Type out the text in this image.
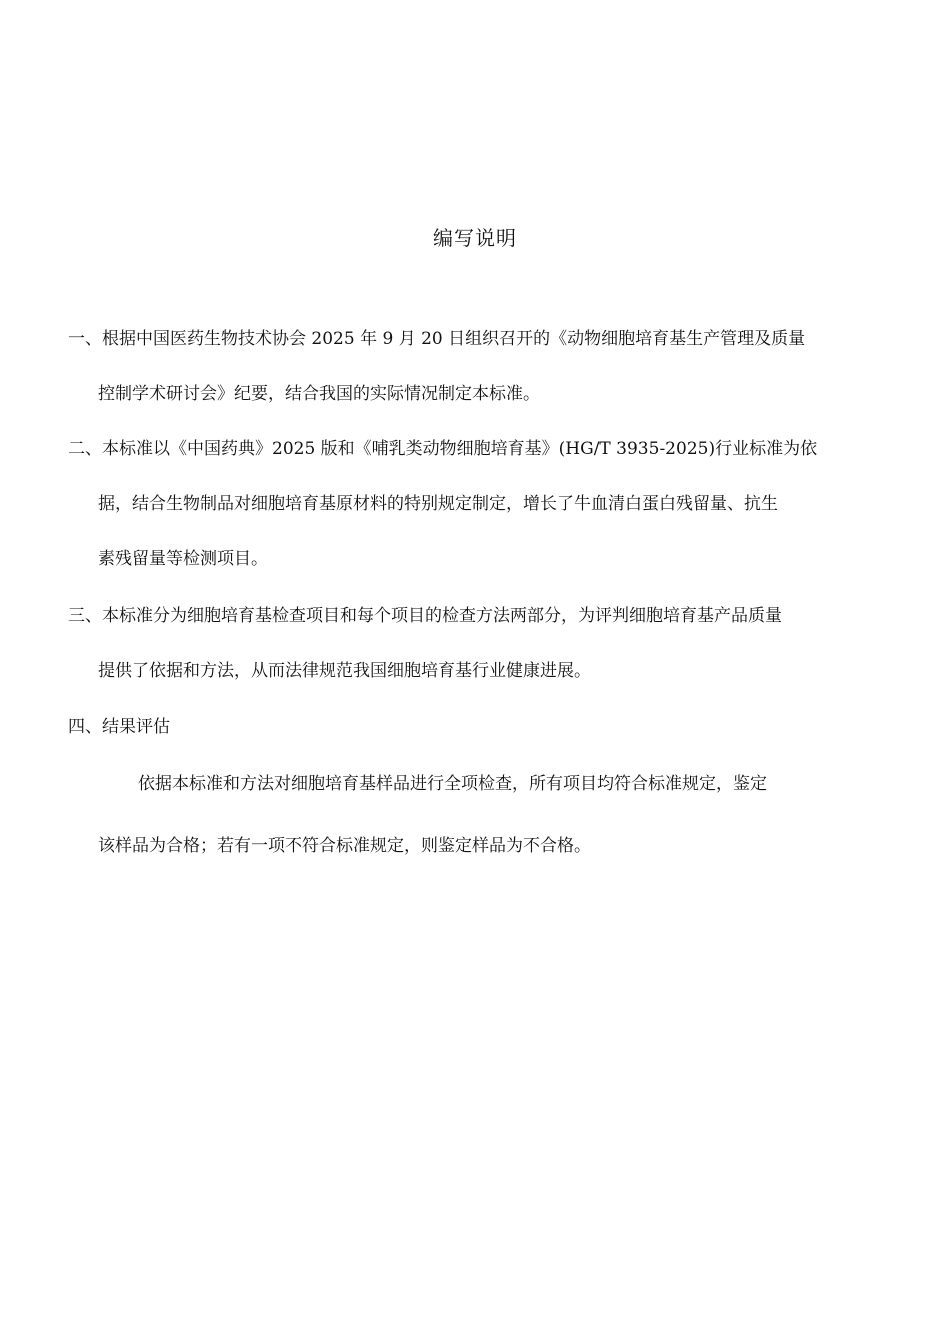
编写说明
一、根据中国医药生物技术协会 2025 年 9 月 20 日组织召开的《动物细胞培育基生产管理及质量
控制学术研讨会》纪要，结合我国的实际情况制定本标准。
二、本标准以《中国药典》2025 版和《哺乳类动物细胞培育基》(HG/T 3935-2025)行业标准为依
据，结合生物制品对细胞培育基原材料的特别规定制定，增长了牛血清白蛋白残留量、抗生
素残留量等检测项目。
三、本标准分为细胞培育基检查项目和每个项目的检查方法两部分，为评判细胞培育基产品质量
提供了依据和方法，从而法律规范我国细胞培育基行业健康进展。
四、结果评估
依据本标准和方法对细胞培育基样品进行全项检查，所有项目均符合标准规定，鉴定
该样品为合格；若有一项不符合标准规定，则鉴定样品为不合格。
